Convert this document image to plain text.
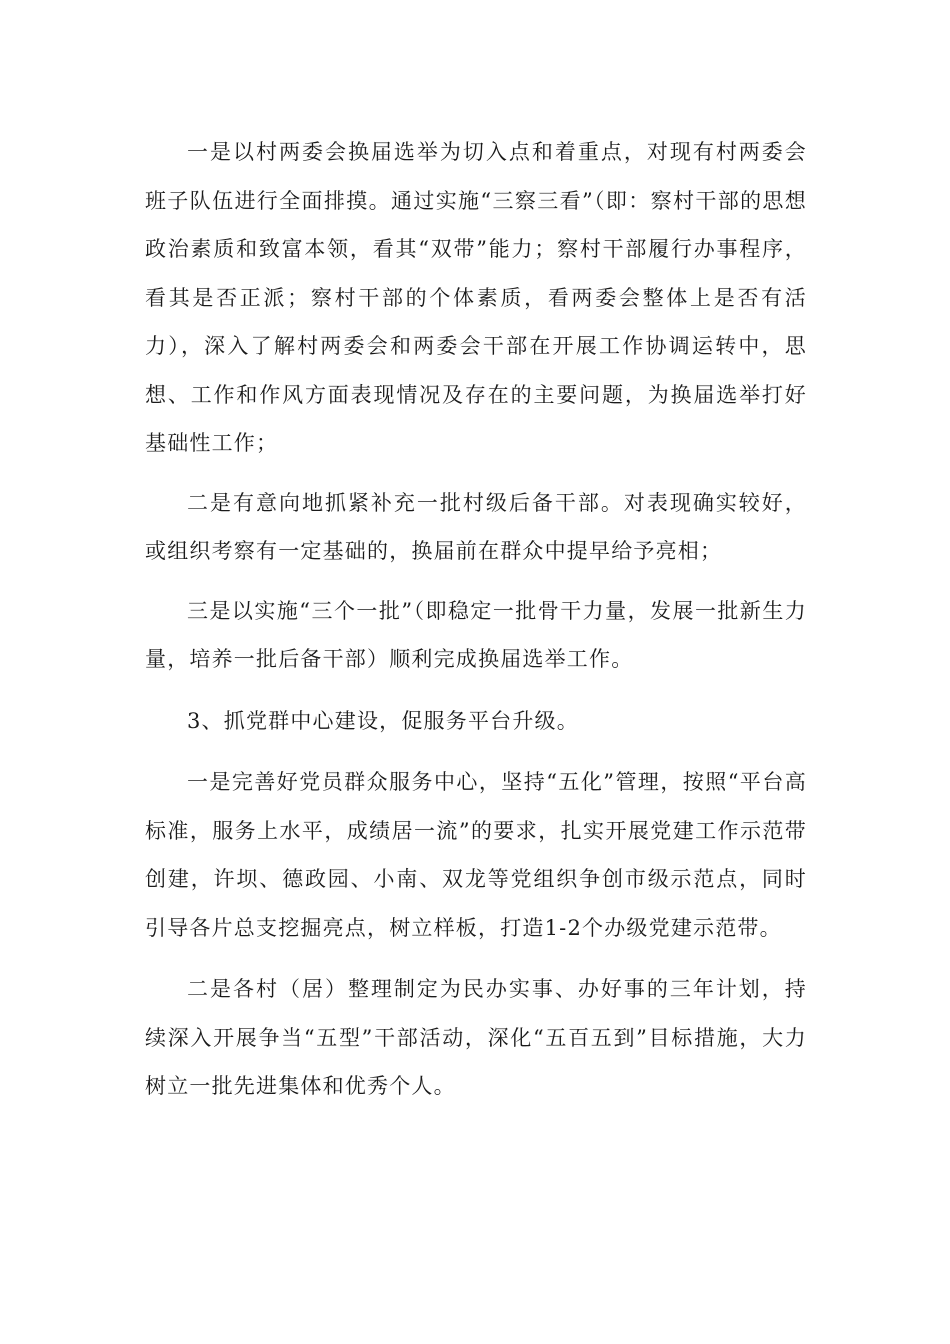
一是以村两委会换届选举为切入点和着重点，对现有村两委会班子队伍进行全面排摸。通过实施“三察三看”（即：察村干部的思想政治素质和致富本领，看其“双带”能力；察村干部履行办事程序，看其是否正派；察村干部的个体素质，看两委会整体上是否有活力），深入了解村两委会和两委会干部在开展工作协调运转中，思想、工作和作风方面表现情况及存在的主要问题，为换届选举打好基础性工作；

二是有意向地抓紧补充一批村级后备干部。对表现确实较好，或组织考察有一定基础的，换届前在群众中提早给予亮相；

三是以实施“三个一批”（即稳定一批骨干力量，发展一批新生力量，培养一批后备干部）顺利完成换届选举工作。

3、抓党群中心建设，促服务平台升级。

一是完善好党员群众服务中心，坚持“五化”管理，按照“平台高标准，服务上水平，成绩居一流”的要求，扎实开展党建工作示范带创建，许坝、德政园、小南、双龙等党组织争创市级示范点，同时引导各片总支挖掘亮点，树立样板，打造1-2个办级党建示范带。

二是各村（居）整理制定为民办实事、办好事的三年计划，持续深入开展争当“五型”干部活动，深化“五百五到”目标措施，大力树立一批先进集体和优秀个人。
